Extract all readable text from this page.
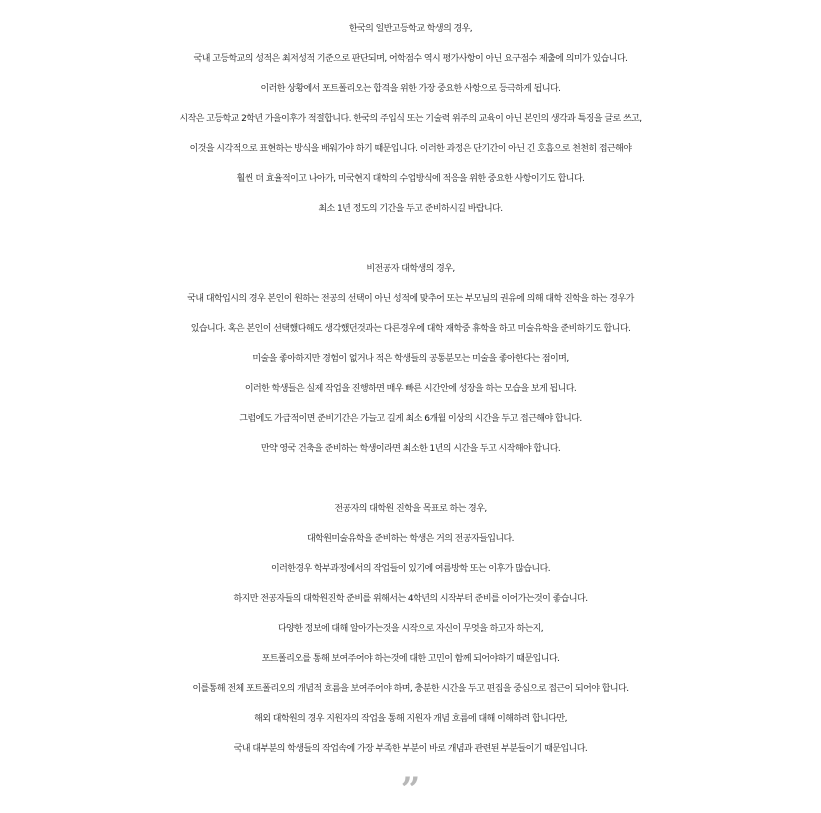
한국의 일반고등학교 학생의 경우,
국내 고등학교의 성적은 최저성적 기준으로 판단되며, 어학점수 역시 평가사항이 아닌 요구점수 제출에 의미가 있습니다.
이러한 상황에서 포트폴리오는 합격을 위한 가장 중요한 사항으로 등극하게 됩니다.
시작은 고등학교 2학년 가을이후가 적절합니다. 한국의 주입식 또는 기술력 위주의 교육이 아닌 본인의 생각과 특징을 글로 쓰고,
이것을 시각적으로 표현하는 방식을 배워가야 하기 때문입니다. 이러한 과정은 단기간이 아닌 긴 호흡으로 천천히 접근해야
훨씬 더 효율적이고 나아가, 미국현지 대학의 수업방식에 적응을 위한 중요한 사항이기도 합니다.
최소 1년 정도의 기간을 두고 준비하시길 바랍니다.
비전공자 대학생의 경우,
국내 대학입시의 경우 본인이 원하는 전공의 선택이 아닌 성적에 맞추어 또는 부모님의 권유에 의해 대학 진학을 하는 경우가
있습니다. 혹은 본인이 선택했다해도 생각했던것과는 다른경우에 대학 재학중 휴학을 하고 미술유학을 준비하기도 합니다.
미술을 좋아하지만 경험이 없거나 적은 학생들의 공통분모는 미술을 좋아한다는 점이며,
이러한 학생들은 실제 작업을 진행하면 매우 빠른 시간안에 성장을 하는 모습을 보게 됩니다.
그럼에도 가급적이면 준비기간은 가늘고 길게 최소 6개월 이상의 시간을 두고 접근해야 합니다.
만약 영국 건축을 준비하는 학생이라면 최소한 1년의 시간을 두고 시작해야 합니다.
전공자의 대학원 진학을 목표로 하는 경우,
대학원미술유학을 준비하는 학생은 거의 전공자들입니다.
이러한경우 학부과정에서의 작업들이 있기에 여름방학 또는 이후가 많습니다.
하지만 전공자들의 대학원진학 준비를 위해서는 4학년의 시작부터 준비를 이어가는것이 좋습니다.
다양한 정보에 대해 알아가는것을 시작으로 자신이 무엇을 하고자 하는지,
포트폴리오를 통해 보여주어야 하는것에 대한 고민이 함께 되어야하기 때문입니다.
이를통해 전체 포트폴리오의 개념적 흐름을 보여주어야 하며, 충분한 시간을 두고 편집을 중심으로 접근이 되어야 합니다.
해외 대학원의 경우 지원자의 작업을 통해 지원자 개념 흐름에 대해 이해하려 합니다만,
국내 대부분의 학생들의 작업속에 가장 부족한 부분이 바로 개념과 관련된 부분들이기 때문입니다.
”
